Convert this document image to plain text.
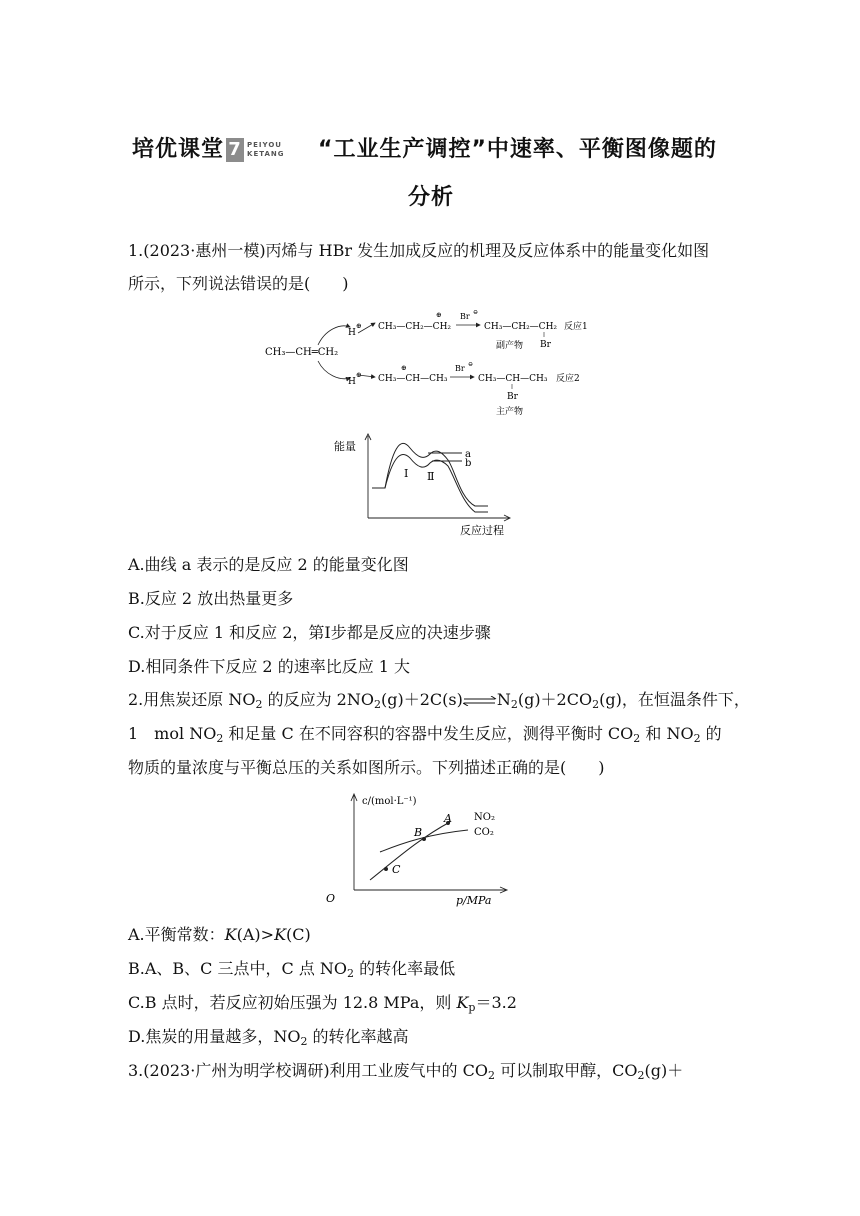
培优课堂 7 PEIYOU
KETANG “工业生产调控”中速率、平衡图像题的
分析
1.(2023·惠州一模)丙烯与 HBr 发生加成反应的机理及反应体系中的能量变化如图
所示，下列说法错误的是(　　)
CH₃—CH═CH₂
H
⊕
H
⊕
CH₃—CH₂—CH₂
⊕ Br ⊖
CH₃—CH₂—CH₂
Br
反应1
副产物
CH₃—CH—CH₃
⊕	Br ⊖
CH₃—CH—CH₃
Br
反应2
主产物
能量
反应过程
a
b
Ⅰ Ⅱ
A.曲线 a 表示的是反应 2 的能量变化图
B.反应 2 放出热量更多
C.对于反应 1 和反应 2，第Ⅰ步都是反应的决速步骤
D.相同条件下反应 2 的速率比反应 1 大
2.用焦炭还原 $NO_2$ 的反应为 $2NO_2(g)+2C(s)\rightleftharpoons N_2(g)+2CO_2(g)$，在恒温条件下，
1　mol $NO_2$ 和足量 C 在不同容积的容器中发生反应，测得平衡时 $CO_2$ 和 $NO_2$ 的
物质的量浓度与平衡总压的关系如图所示。下列描述正确的是(　　)
c/(mol·L⁻¹)
p/MPa
O
A
B
C
NO₂
CO₂
A.平衡常数：K(A)>K(C)
B.A、B、C 三点中，C 点 $NO_2$ 的转化率最低
C.B 点时，若反应初始压强为 12.8 MPa，则 $K_p=3.2$
D.焦炭的用量越多，$NO_2$ 的转化率越高
3.(2023·广州为明学校调研)利用工业废气中的 $CO_2$ 可以制取甲醇，$CO_2(g)+$
